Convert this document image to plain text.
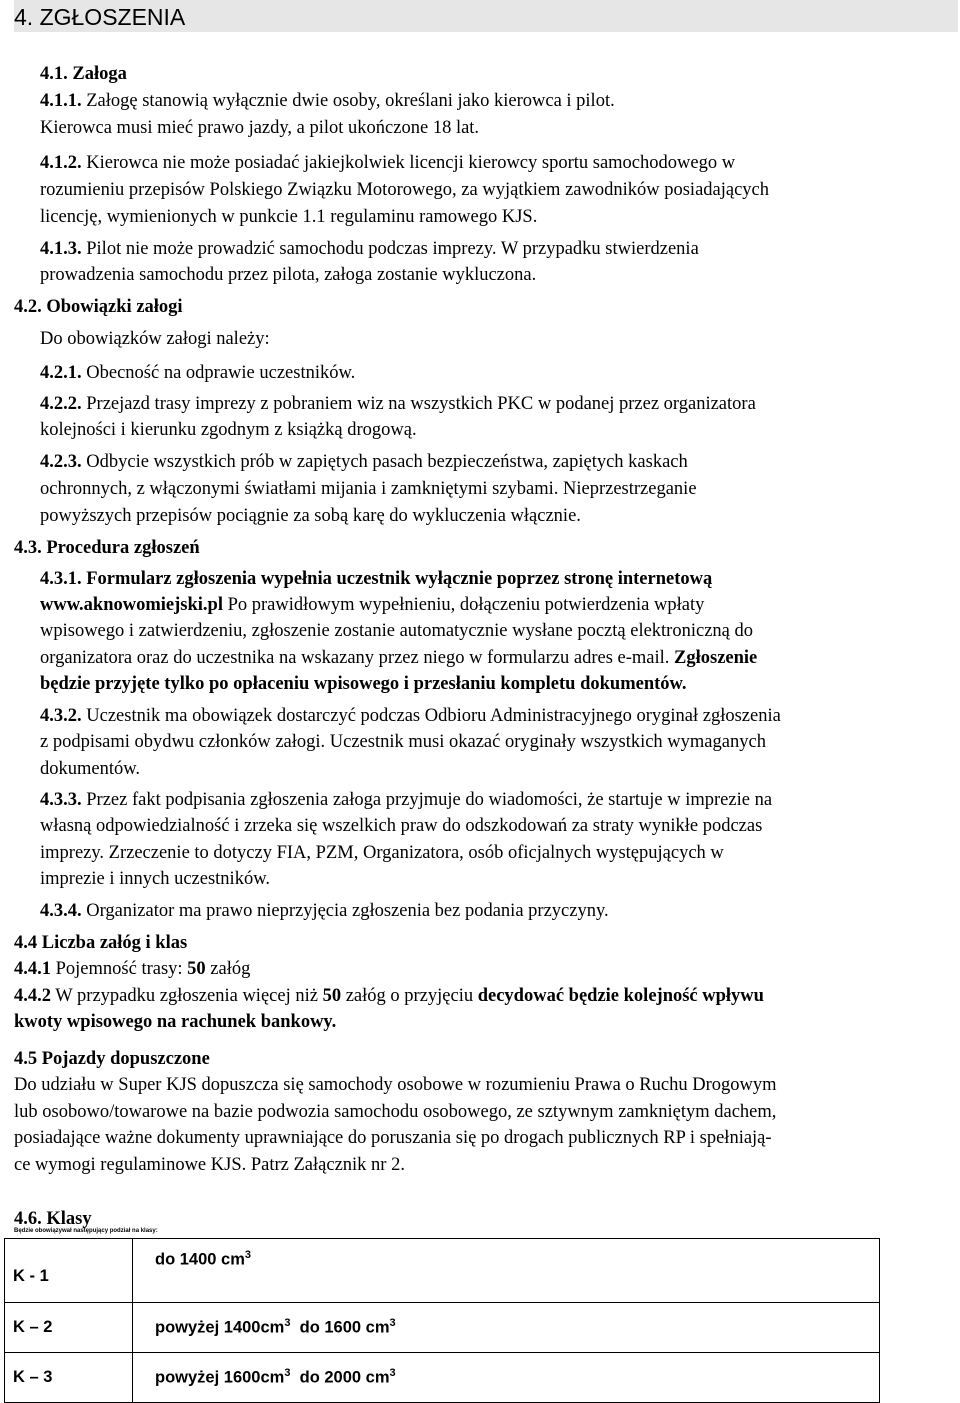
4. ZGŁOSZENIA
4.1. Załoga
4.1.1. Załogę stanowią wyłącznie dwie osoby, określani jako kierowca i pilot.
Kierowca musi mieć prawo jazdy, a pilot ukończone 18 lat.
4.1.2. Kierowca nie może posiadać jakiejkolwiek licencji kierowcy sportu samochodowego w
rozumieniu przepisów Polskiego Związku Motorowego, za wyjątkiem zawodników posiadających
licencję, wymienionych w punkcie 1.1 regulaminu ramowego KJS.
4.1.3. Pilot nie może prowadzić samochodu podczas imprezy. W przypadku stwierdzenia
prowadzenia samochodu przez pilota, załoga zostanie wykluczona.
4.2. Obowiązki załogi
Do obowiązków załogi należy:
4.2.1. Obecność na odprawie uczestników.
4.2.2. Przejazd trasy imprezy z pobraniem wiz na wszystkich PKC w podanej przez organizatora
kolejności i kierunku zgodnym z książką drogową.
4.2.3. Odbycie wszystkich prób w zapiętych pasach bezpieczeństwa, zapiętych kaskach
ochronnych, z włączonymi światłami mijania i zamkniętymi szybami. Nieprzestrzeganie
powyższych przepisów pociągnie za sobą karę do wykluczenia włącznie.
4.3. Procedura zgłoszeń
4.3.1. Formularz zgłoszenia wypełnia uczestnik wyłącznie poprzez stronę internetową
www.aknowomiejski.pl Po prawidłowym wypełnieniu, dołączeniu potwierdzenia wpłaty
wpisowego i zatwierdzeniu, zgłoszenie zostanie automatycznie wysłane pocztą elektroniczną do
organizatora oraz do uczestnika na wskazany przez niego w formularzu adres e-mail. Zgłoszenie
będzie przyjęte tylko po opłaceniu wpisowego i przesłaniu kompletu dokumentów.
4.3.2. Uczestnik ma obowiązek dostarczyć podczas Odbioru Administracyjnego oryginał zgłoszenia
z podpisami obydwu członków załogi. Uczestnik musi okazać oryginały wszystkich wymaganych
dokumentów.
4.3.3. Przez fakt podpisania zgłoszenia załoga przyjmuje do wiadomości, że startuje w imprezie na
własną odpowiedzialność i zrzeka się wszelkich praw do odszkodowań za straty wynikłe podczas
imprezy. Zrzeczenie to dotyczy FIA, PZM, Organizatora, osób oficjalnych występujących w
imprezie i innych uczestników.
4.3.4. Organizator ma prawo nieprzyjęcia zgłoszenia bez podania przyczyny.
4.4 Liczba załóg i klas
4.4.1 Pojemność trasy: 50 załóg
4.4.2 W przypadku zgłoszenia więcej niż 50 załóg o przyjęciu decydować będzie kolejność wpływu
kwoty wpisowego na rachunek bankowy.
4.5 Pojazdy dopuszczone
Do udziału w Super KJS dopuszcza się samochody osobowe w rozumieniu Prawa o Ruchu Drogowym
lub osobowo/towarowe na bazie podwozia samochodu osobowego, ze sztywnym zamkniętym dachem,
posiadające ważne dokumenty uprawniające do poruszania się po drogach publicznych RP i spełniają-
ce wymogi regulaminowe KJS. Patrz Załącznik nr 2.
4.6. Klasy
Będzie obowiązywał następujący podział na klasy:
K - 1	do 1400 $cm^3$
K – 2	powyżej $1400cm^3$  do 1600 $cm^3$
K – 3	powyżej $1600cm^3$  do 2000 $cm^3$
